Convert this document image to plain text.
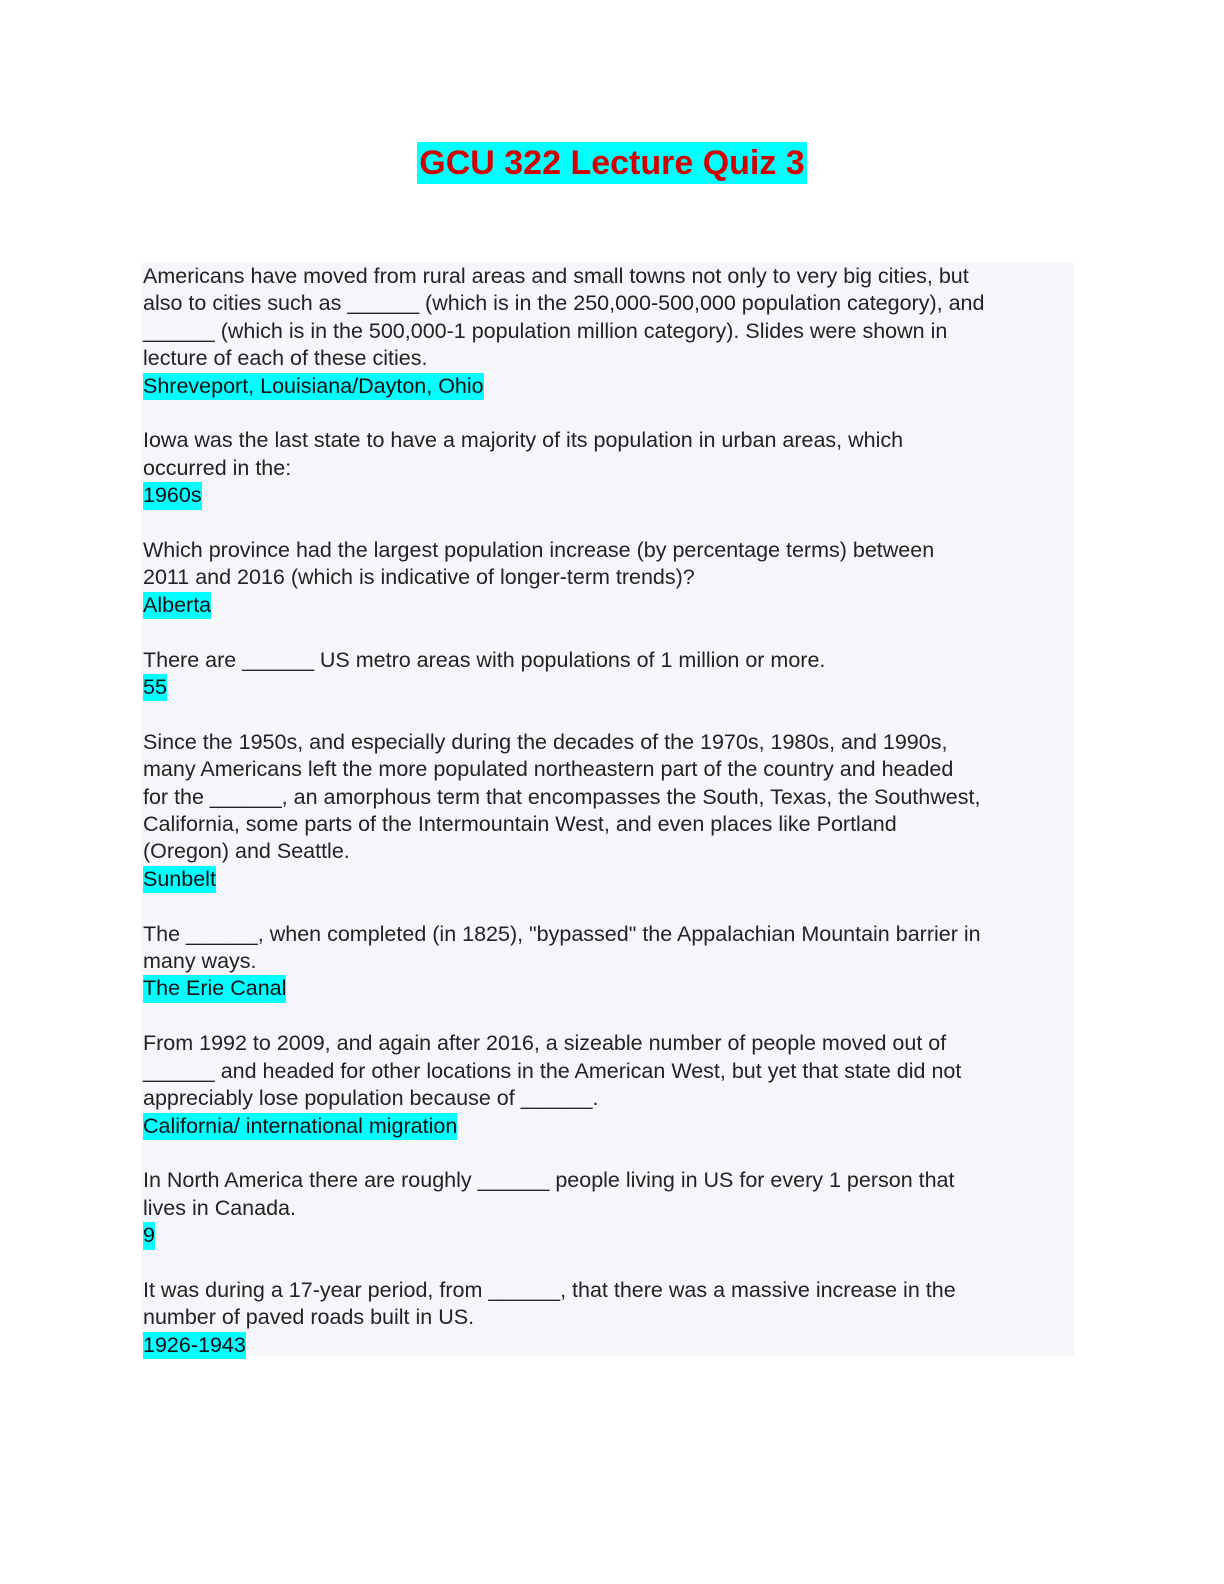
GCU 322 Lecture Quiz 3
Americans have moved from rural areas and small towns not only to very big cities, but
also to cities such as ______ (which is in the 250,000-500,000 population category), and
______ (which is in the 500,000-1 population million category). Slides were shown in
lecture of each of these cities.
Shreveport, Louisiana/Dayton, Ohio
Iowa was the last state to have a majority of its population in urban areas, which
occurred in the:
1960s
Which province had the largest population increase (by percentage terms) between
2011 and 2016 (which is indicative of longer-term trends)?
Alberta
There are ______ US metro areas with populations of 1 million or more.
55
Since the 1950s, and especially during the decades of the 1970s, 1980s, and 1990s,
many Americans left the more populated northeastern part of the country and headed
for the ______, an amorphous term that encompasses the South, Texas, the Southwest,
California, some parts of the Intermountain West, and even places like Portland
(Oregon) and Seattle.
Sunbelt
The ______, when completed (in 1825), "bypassed" the Appalachian Mountain barrier in
many ways.
The Erie Canal
From 1992 to 2009, and again after 2016, a sizeable number of people moved out of
______ and headed for other locations in the American West, but yet that state did not
appreciably lose population because of ______.
California/ international migration
In North America there are roughly ______ people living in US for every 1 person that
lives in Canada.
9
It was during a 17-year period, from ______, that there was a massive increase in the
number of paved roads built in US.
1926-1943
